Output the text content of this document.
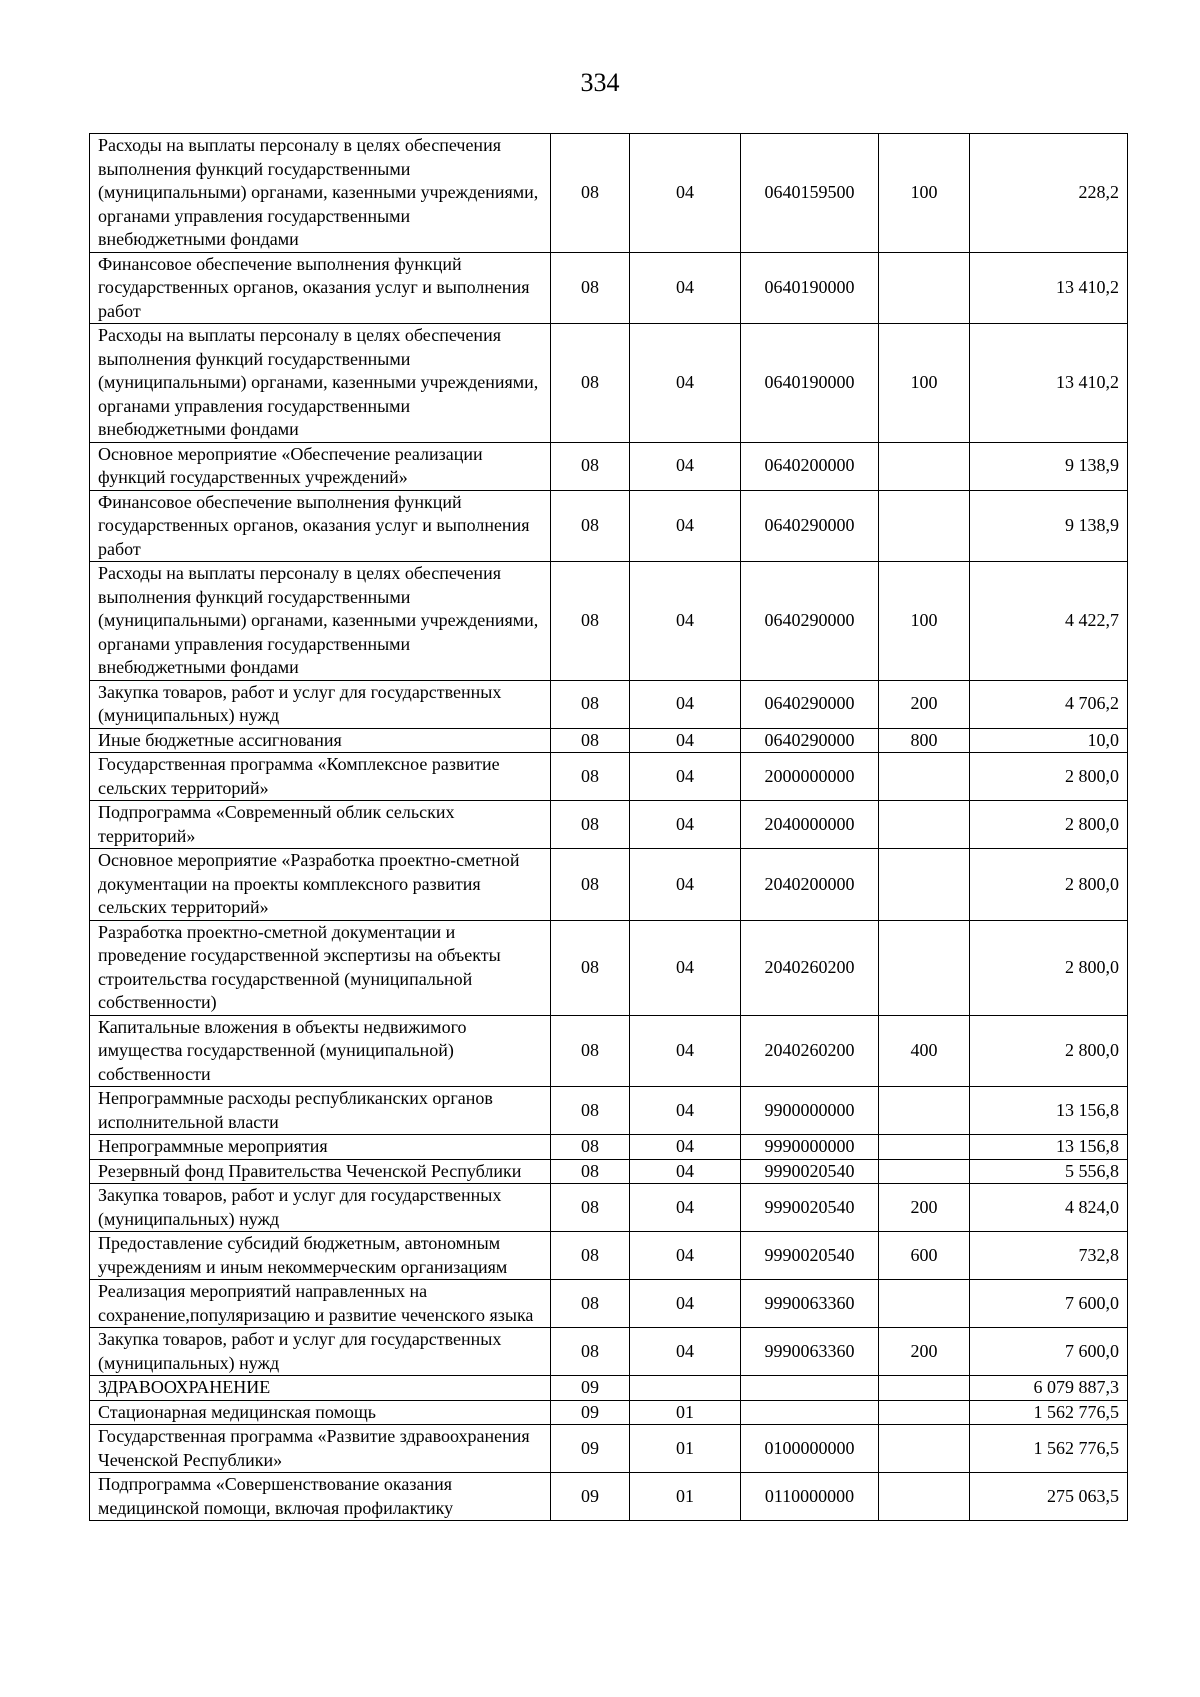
334
Расходы на выплаты персоналу в целях обеспечения выполнения функций государственными (муниципальными) органами, казенными учреждениями, органами управления государственными внебюджетными фондами	08	04	0640159500	100	228,2
Финансовое обеспечение выполнения функций государственных органов, оказания услуг и выполнения работ	08	04	0640190000		13 410,2
Расходы на выплаты персоналу в целях обеспечения выполнения функций государственными (муниципальными) органами, казенными учреждениями, органами управления государственными внебюджетными фондами	08	04	0640190000	100	13 410,2
Основное мероприятие «Обеспечение реализации функций государственных учреждений»	08	04	0640200000		9 138,9
Финансовое обеспечение выполнения функций государственных органов, оказания услуг и выполнения работ	08	04	0640290000		9 138,9
Расходы на выплаты персоналу в целях обеспечения выполнения функций государственными (муниципальными) органами, казенными учреждениями, органами управления государственными внебюджетными фондами	08	04	0640290000	100	4 422,7
Закупка товаров, работ и услуг для государственных (муниципальных) нужд	08	04	0640290000	200	4 706,2
Иные бюджетные ассигнования	08	04	0640290000	800	10,0
Государственная программа «Комплексное развитие сельских территорий»	08	04	2000000000		2 800,0
Подпрограмма «Современный облик сельских территорий»	08	04	2040000000		2 800,0
Основное мероприятие «Разработка проектно-сметной документации на проекты комплексного развития сельских территорий»	08	04	2040200000		2 800,0
Разработка проектно-сметной документации и проведение государственной экспертизы на объекты строительства государственной (муниципальной собственности)	08	04	2040260200		2 800,0
Капитальные вложения в объекты недвижимого имущества государственной (муниципальной) собственности	08	04	2040260200	400	2 800,0
Непрограммные расходы республиканских органов исполнительной власти	08	04	9900000000		13 156,8
Непрограммные мероприятия	08	04	9990000000		13 156,8
Резервный фонд Правительства Чеченской Республики	08	04	9990020540		5 556,8
Закупка товаров, работ и услуг для государственных (муниципальных) нужд	08	04	9990020540	200	4 824,0
Предоставление субсидий бюджетным, автономным учреждениям и иным некоммерческим организациям	08	04	9990020540	600	732,8
Реализация мероприятий направленных на сохранение,популяризацию и развитие чеченского языка	08	04	9990063360		7 600,0
Закупка товаров, работ и услуг для государственных (муниципальных) нужд	08	04	9990063360	200	7 600,0
ЗДРАВООХРАНЕНИЕ	09				6 079 887,3
Стационарная медицинская помощь	09	01			1 562 776,5
Государственная программа «Развитие здравоохранения Чеченской Республики»	09	01	0100000000		1 562 776,5
Подпрограмма «Совершенствование оказания медицинской помощи, включая профилактику	09	01	0110000000		275 063,5
